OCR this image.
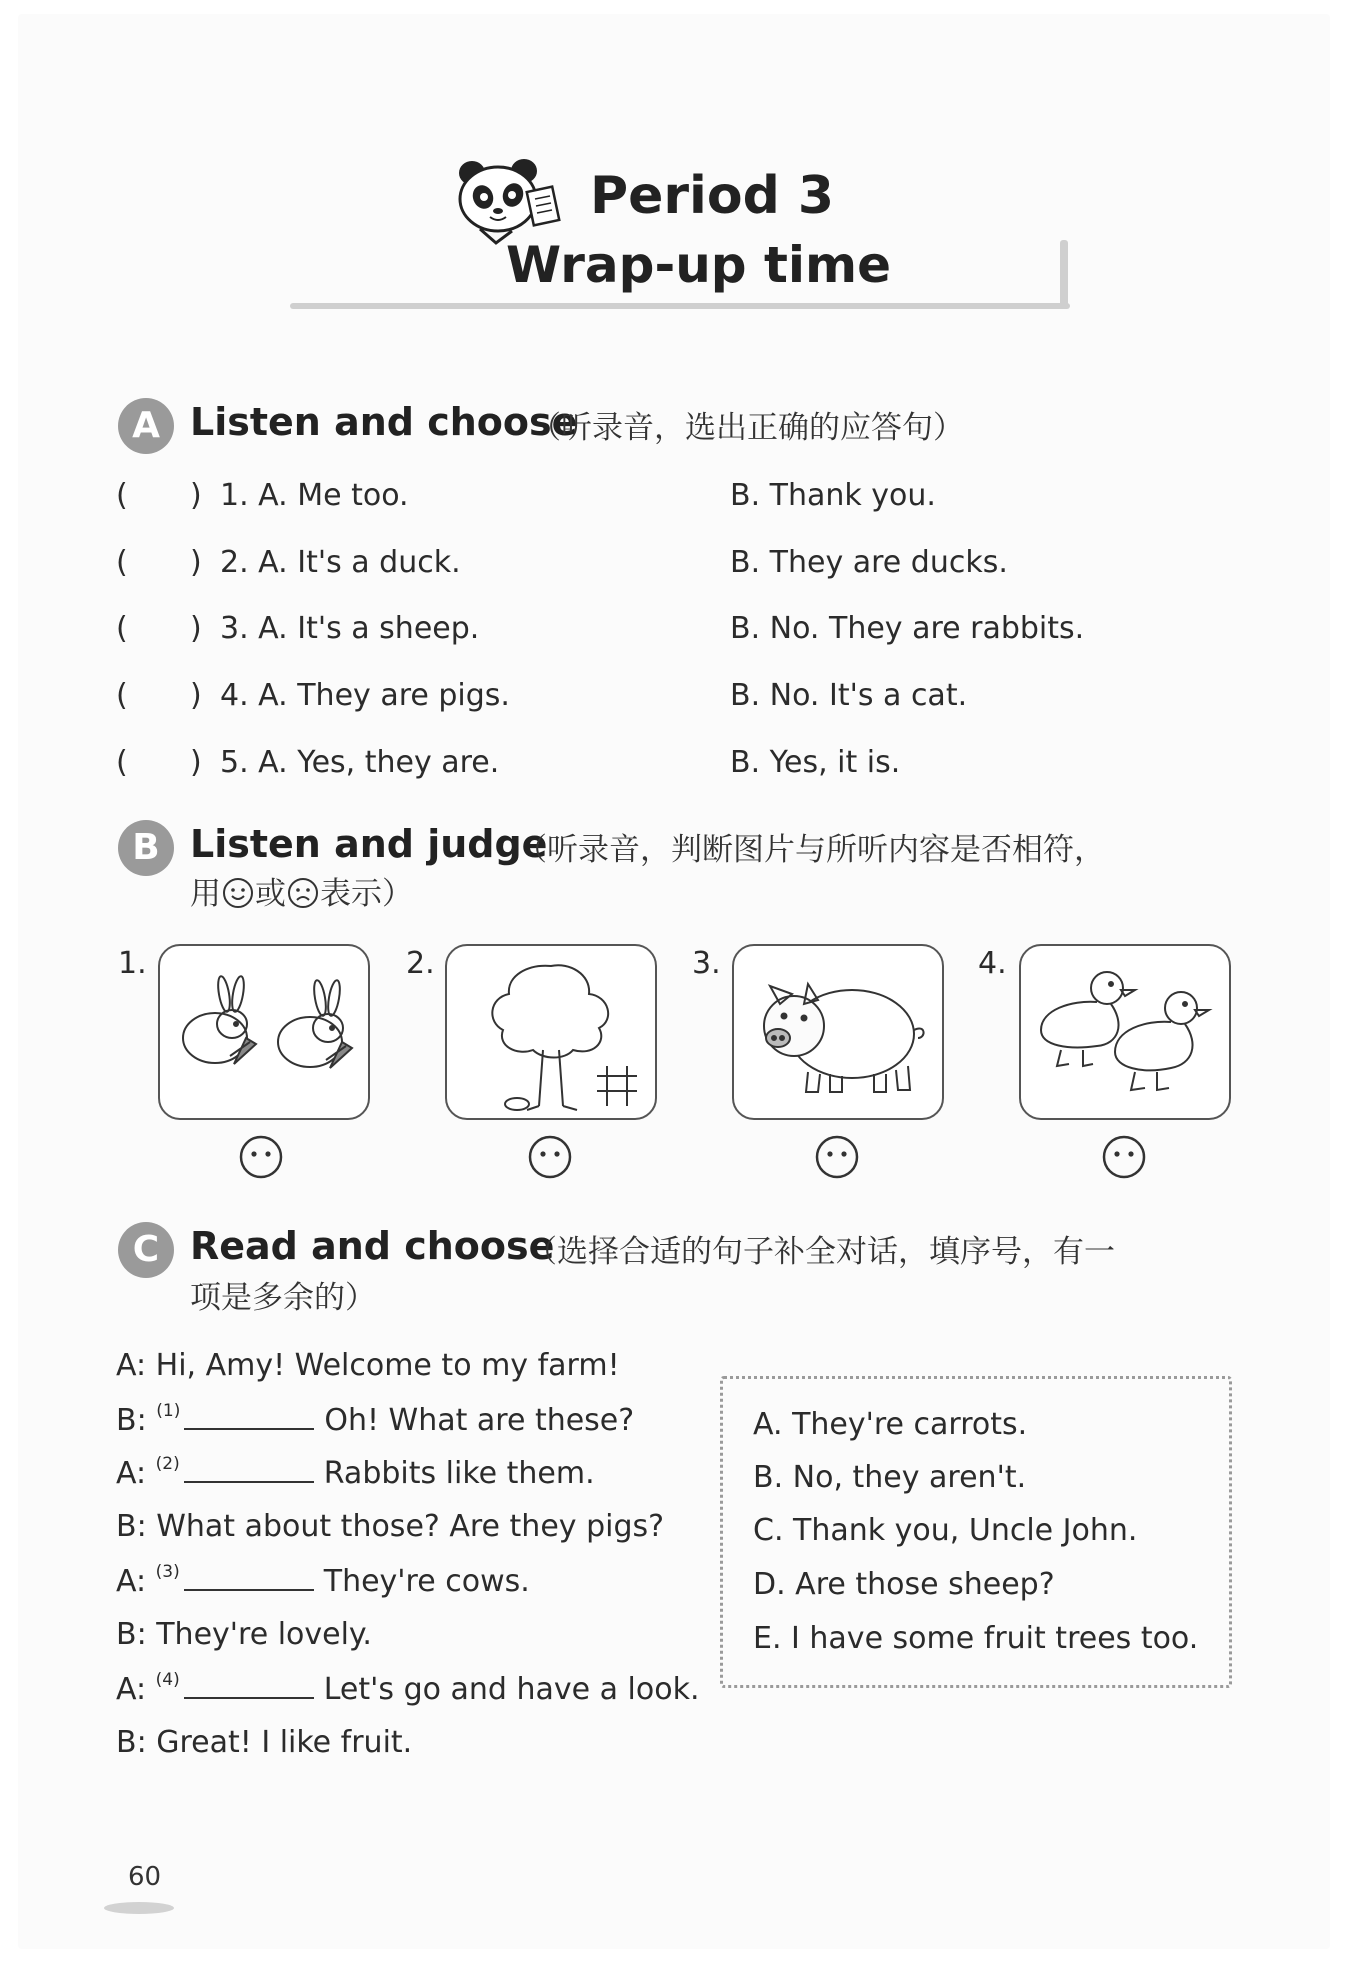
Period 3
Wrap-up time
A Listen and choose
（听录音，选出正确的应答句）
( ) 1. A. Me too.	B. Thank you.
( ) 2. A. It's a duck.	B. They are ducks.
( ) 3. A. It's a sheep.	B. No. They are rabbits.
( ) 4. A. They are pigs.	B. No. It's a cat.
( ) 5. A. Yes, they are.	B. Yes, it is.
B Listen and judge
（听录音，判断图片与所听内容是否相符，
用 或 表示）
1.	2.	3.	4.
C Read and choose
（选择合适的句子补全对话，填序号，有一
项是多余的）
A: Hi, Amy! Welcome to my farm!
B: $^{(1)}$	Oh! What are these?
A: $^{(2)}$	Rabbits like them.
B: What about those? Are they pigs?
A: $^{(3)}$	They're cows.
B: They're lovely.
A: $^{(4)}$	Let's go and have a look.
B: Great! I like fruit.
A. They're carrots.
B. No, they aren't.
C. Thank you, Uncle John.
D. Are those sheep?
E. I have some fruit trees too.
60
